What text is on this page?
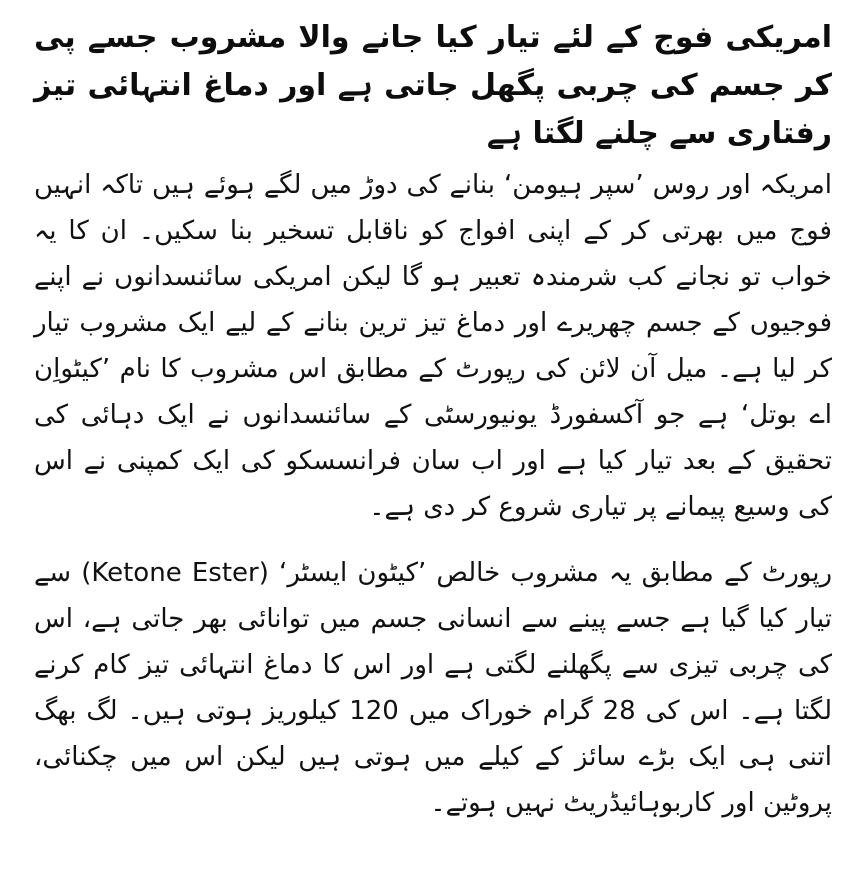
امریکی فوج کے لئے تیار کیا جانے والا مشروب جسے پی کر جسم کی چربی پگھل جاتی ہے اور دماغ انتہائی تیز رفتاری سے چلنے لگتا ہے

امریکہ اور روس ’سپر ہیومن‘ بنانے کی دوڑ میں لگے ہوئے ہیں تاکہ انہیں فوج میں بھرتی کر کے اپنی افواج کو ناقابل تسخیر بنا سکیں۔ ان کا یہ خواب تو نجانے کب شرمندہ تعبیر ہو گا لیکن امریکی سائنسدانوں نے اپنے فوجیوں کے جسم چھریرے اور دماغ تیز ترین بنانے کے لیے ایک مشروب تیار کر لیا ہے۔ میل آن لائن کی رپورٹ کے مطابق اس مشروب کا نام ’کیٹواِن اے بوتل‘ ہے جو آکسفورڈ یونیورسٹی کے سائنسدانوں نے ایک دہائی کی تحقیق کے بعد تیار کیا ہے اور اب سان فرانسسکو کی ایک کمپنی نے اس کی وسیع پیمانے پر تیاری شروع کر دی ہے۔

رپورٹ کے مطابق یہ مشروب خالص ’کیٹون ایسٹر‘ (Ketone Ester) سے تیار کیا گیا ہے جسے پینے سے انسانی جسم میں توانائی بھر جاتی ہے، اس کی چربی تیزی سے پگھلنے لگتی ہے اور اس کا دماغ انتہائی تیز کام کرنے لگتا ہے۔ اس کی 28 گرام خوراک میں 120 کیلوریز ہوتی ہیں۔ لگ بھگ اتنی ہی ایک بڑے سائز کے کیلے میں ہوتی ہیں لیکن اس میں چکنائی، پروٹین اور کاربوہائیڈریٹ نہیں ہوتے۔
